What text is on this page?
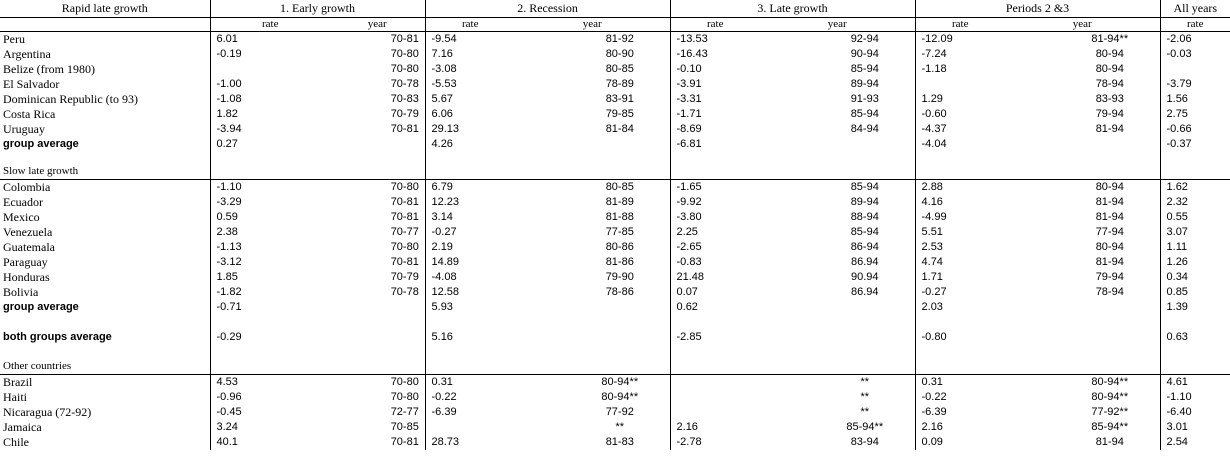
Rapid late growth	1. Early growth		2. Recession		3. Late growth		Periods 2 &3		All years
	rate	year	rate	year	rate	year	rate	year	rate
Peru	6.01	70-81	-9.54	81-92	-13.53	92-94	-12.09	81-94**	-2.06
Argentina	-0.19	70-80	7.16	80-90	-16.43	90-94	-7.24	80-94	-0.03
Belize (from 1980)		70-80	-3.08	80-85	-0.10	85-94	-1.18	80-94	
El Salvador	-1.00	70-78	-5.53	78-89	-3.91	89-94		78-94	-3.79
Dominican Republic (to 93)	-1.08	70-83	5.67	83-91	-3.31	91-93	1.29	83-93	1.56
Costa Rica	1.82	70-79	6.06	79-85	-1.71	85-94	-0.60	79-94	2.75
Uruguay	-3.94	70-81	29.13	81-84	-8.69	84-94	-4.37	81-94	-0.66
group average	0.27		4.26		-6.81		-4.04		-0.37

Slow late growth									
Colombia	-1.10	70-80	6.79	80-85	-1.65	85-94	2.88	80-94	1.62
Ecuador	-3.29	70-81	12.23	81-89	-9.92	89-94	4.16	81-94	2.32
Mexico	0.59	70-81	3.14	81-88	-3.80	88-94	-4.99	81-94	0.55
Venezuela	2.38	70-77	-0.27	77-85	2.25	85-94	5.51	77-94	3.07
Guatemala	-1.13	70-80	2.19	80-86	-2.65	86-94	2.53	80-94	1.11
Paraguay	-3.12	70-81	14.89	81-86	-0.83	86.94	4.74	81-94	1.26
Honduras	1.85	70-79	-4.08	79-90	21.48	90.94	1.71	79-94	0.34
Bolivia	-1.82	70-78	12.58	78-86	0.07	86.94	-0.27	78-94	0.85
group average	-0.71		5.93		0.62		2.03		1.39

both groups average	-0.29		5.16		-2.85		-0.80		0.63

Other countries									
Brazil	4.53	70-80	0.31	80-94**		**	0.31	80-94**	4.61
Haiti	-0.96	70-80	-0.22	80-94**		**	-0.22	80-94**	-1.10
Nicaragua (72-92)	-0.45	72-77	-6.39	77-92		**	-6.39	77-92**	-6.40
Jamaica	3.24	70-85		**	2.16	85-94**	2.16	85-94**	3.01
Chile	40.1	70-81	28.73	81-83	-2.78	83-94	0.09	81-94	2.54
